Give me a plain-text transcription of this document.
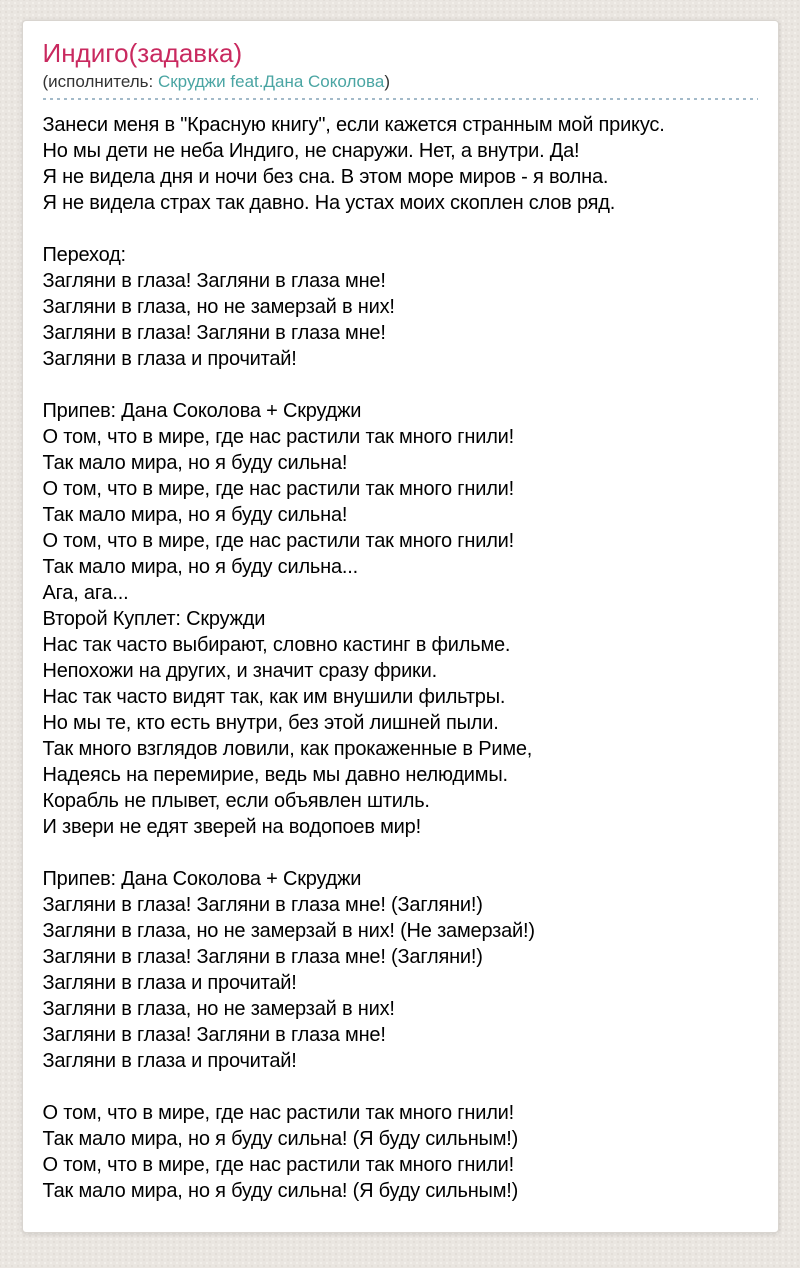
Индиго(задавка)
(исполнитель: Скруджи feat.Дана Соколова)
Занеси меня в "Красную книгу", если кажется странным мой прикус.
Но мы дети не неба Индиго, не снаружи. Нет, а внутри. Да!
Я не видела дня и ночи без сна. В этом море миров - я волна.
Я не видела страх так давно. На устах моих скоплен слов ряд.
Переход:
Загляни в глаза! Загляни в глаза мне!
Загляни в глаза, но не замерзай в них!
Загляни в глаза! Загляни в глаза мне!
Загляни в глаза и прочитай!
Припев: Дана Соколова + Скруджи
О том, что в мире, где нас растили так много гнили!
Так мало мира, но я буду сильна!
О том, что в мире, где нас растили так много гнили!
Так мало мира, но я буду сильна!
О том, что в мире, где нас растили так много гнили!
Так мало мира, но я буду сильна...
Ага, ага...
Второй Куплет: Скружди
Нас так часто выбирают, словно кастинг в фильме.
Непохожи на других, и значит сразу фрики.
Нас так часто видят так, как им внушили фильтры.
Но мы те, кто есть внутри, без этой лишней пыли.
Так много взглядов ловили, как прокаженные в Риме,
Надеясь на перемирие, ведь мы давно нелюдимы.
Корабль не плывет, если объявлен штиль.
И звери не едят зверей на водопоев мир!
Припев: Дана Соколова + Скруджи
Загляни в глаза! Загляни в глаза мне! (Загляни!)
Загляни в глаза, но не замерзай в них! (Не замерзай!)
Загляни в глаза! Загляни в глаза мне! (Загляни!)
Загляни в глаза и прочитай!
Загляни в глаза, но не замерзай в них!
Загляни в глаза! Загляни в глаза мне!
Загляни в глаза и прочитай!
О том, что в мире, где нас растили так много гнили!
Так мало мира, но я буду сильна! (Я буду сильным!)
О том, что в мире, где нас растили так много гнили!
Так мало мира, но я буду сильна! (Я буду сильным!)
